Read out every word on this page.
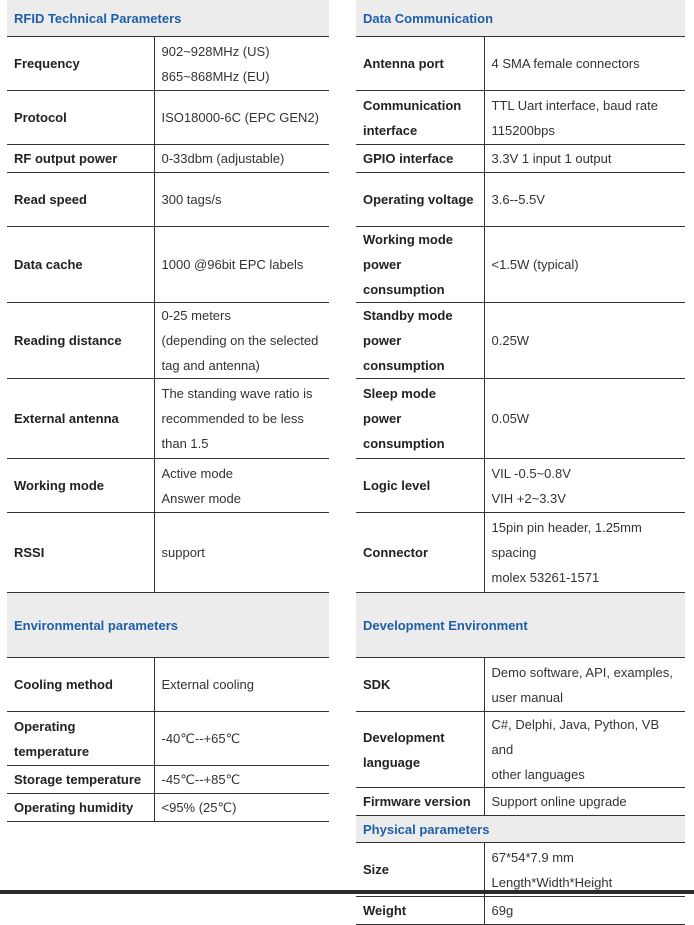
RFID Technical Parameters
Frequency	902~928MHz (US)
865~868MHz (EU)
Protocol	ISO18000-6C (EPC GEN2)
RF output power	0-33dbm (adjustable)
Read speed	300 tags/s
Data cache	1000 @96bit EPC labels
Reading distance	0-25 meters
(depending on the selected
tag and antenna)
External antenna	The standing wave ratio is
recommended to be less
than 1.5
Working mode	Active mode
Answer mode
RSSI	support
Environmental parameters
Cooling method	External cooling
Operating temperature	-40℃--+65℃
Storage temperature	-45℃--+85℃
Operating humidity	<95% (25℃)
Data Communication
Antenna port	4 SMA female connectors
Communication
interface	TTL Uart interface, baud rate
115200bps
GPIO interface	3.3V 1 input 1 output
Operating voltage	3.6--5.5V
Working mode
power
consumption	<1.5W (typical)
Standby mode
power
consumption	0.25W
Sleep mode
power
consumption	0.05W
Logic level	VIL -0.5~0.8V
VIH +2~3.3V
Connector	15pin pin header, 1.25mm
spacing
molex 53261-1571
Development Environment
SDK	Demo software, API, examples,
user manual
Development
language	C#, Delphi, Java, Python, VB and
other languages
Firmware version	Support online upgrade
Physical parameters
Size	67*54*7.9 mm
Length*Width*Height
Weight	69g
